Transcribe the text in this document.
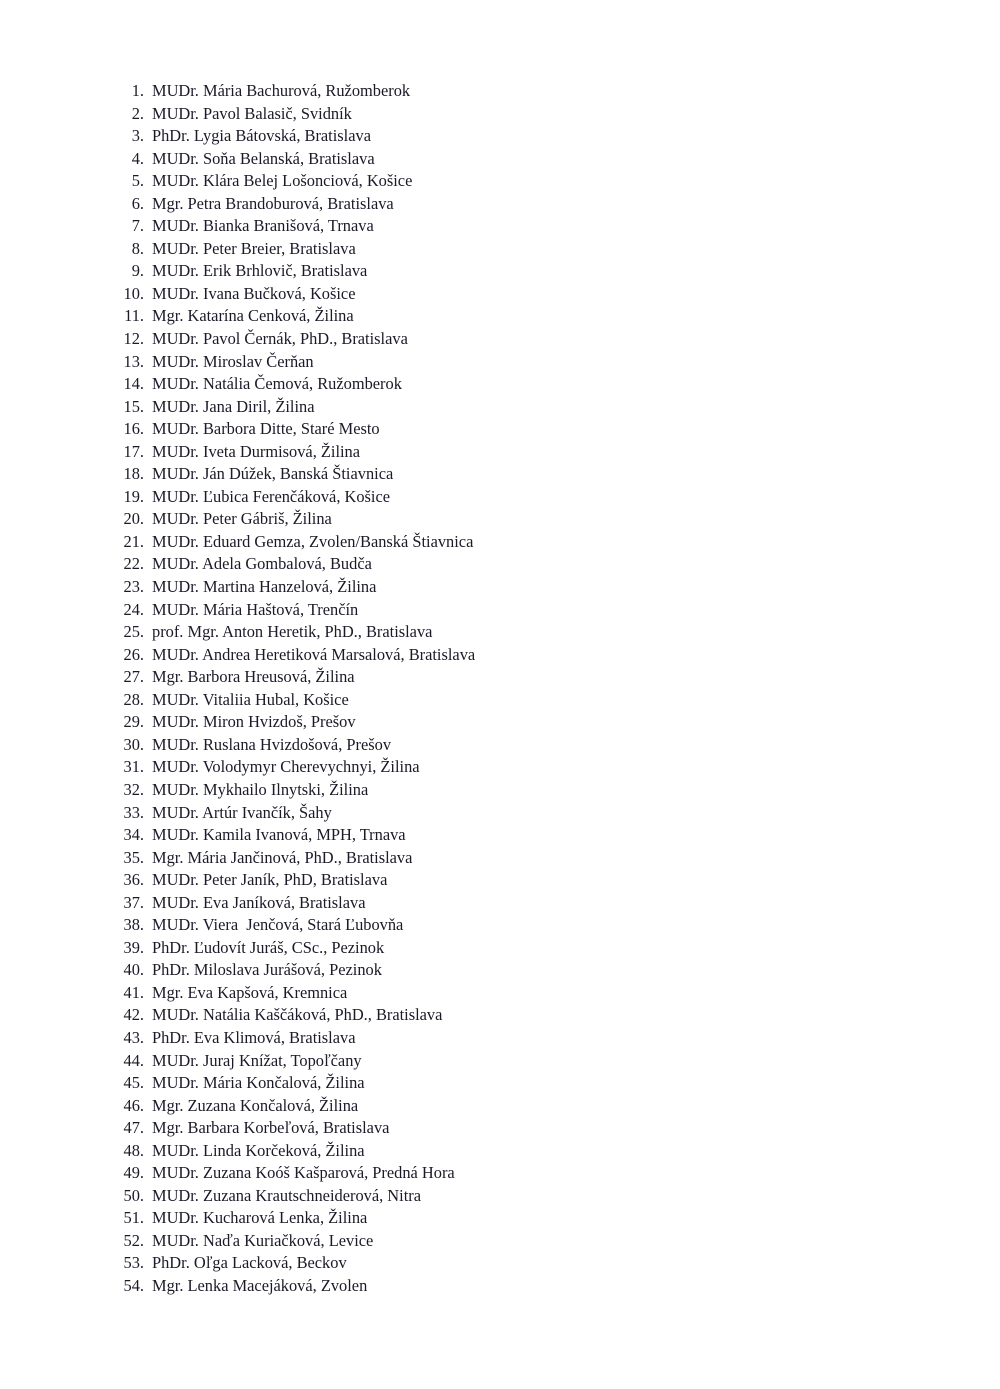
1. MUDr. Mária Bachurová, Ružomberok
2. MUDr. Pavol Balasič, Svidník
3. PhDr. Lygia Bátovská, Bratislava
4. MUDr. Soňa Belanská, Bratislava
5. MUDr. Klára Belej Lošonciová, Košice
6. Mgr. Petra Brandoburová, Bratislava
7. MUDr. Bianka Branišová, Trnava
8. MUDr. Peter Breier, Bratislava
9. MUDr. Erik Brhlovič, Bratislava
10. MUDr. Ivana Bučková, Košice
11. Mgr. Katarína Cenková, Žilina
12. MUDr. Pavol Černák, PhD., Bratislava
13. MUDr. Miroslav Čerňan
14. MUDr. Natália Čemová, Ružomberok
15. MUDr. Jana Diril, Žilina
16. MUDr. Barbora Ditte, Staré Mesto
17. MUDr. Iveta Durmisová, Žilina
18. MUDr. Ján Dúžek, Banská Štiavnica
19. MUDr. Ľubica Ferenčáková, Košice
20. MUDr. Peter Gábriš, Žilina
21. MUDr. Eduard Gemza, Zvolen/Banská Štiavnica
22. MUDr. Adela Gombalová, Budča
23. MUDr. Martina Hanzelová, Žilina
24. MUDr. Mária Haštová, Trenčín
25. prof. Mgr. Anton Heretik, PhD., Bratislava
26. MUDr. Andrea Heretiková Marsalová, Bratislava
27. Mgr. Barbora Hreusová, Žilina
28. MUDr. Vitaliia Hubal, Košice
29. MUDr. Miron Hvizdoš, Prešov
30. MUDr. Ruslana Hvizdošová, Prešov
31. MUDr. Volodymyr Cherevychnyi, Žilina
32. MUDr. Mykhailo Ilnytski, Žilina
33. MUDr. Artúr Ivančík, Šahy
34. MUDr. Kamila Ivanová, MPH, Trnava
35. Mgr. Mária Jančinová, PhD., Bratislava
36. MUDr. Peter Janík, PhD, Bratislava
37. MUDr. Eva Janíková, Bratislava
38. MUDr. Viera  Jenčová, Stará Ľubovňa
39. PhDr. Ľudovít Juráš, CSc., Pezinok
40. PhDr. Miloslava Jurášová, Pezinok
41. Mgr. Eva Kapšová, Kremnica
42. MUDr. Natália Kaščáková, PhD., Bratislava
43. PhDr. Eva Klimová, Bratislava
44. MUDr. Juraj Knížat, Topoľčany
45. MUDr. Mária Končalová, Žilina
46. Mgr. Zuzana Končalová, Žilina
47. Mgr. Barbara Korbeľová, Bratislava
48. MUDr. Linda Korčeková, Žilina
49. MUDr. Zuzana Koóš Kašparová, Predná Hora
50. MUDr. Zuzana Krautschneiderová, Nitra
51. MUDr. Kucharová Lenka, Žilina
52. MUDr. Naďa Kuriačková, Levice
53. PhDr. Oľga Lacková, Beckov
54. Mgr. Lenka Macejáková, Zvolen
